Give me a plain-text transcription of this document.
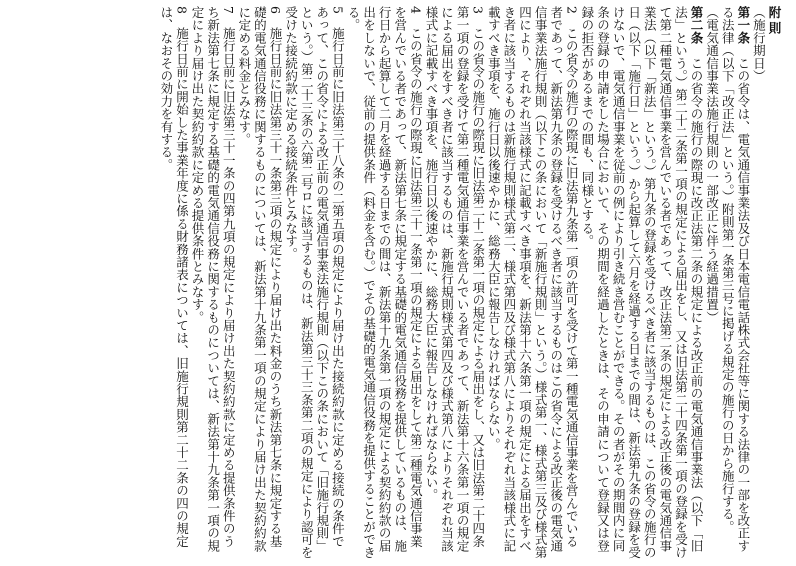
附則

（施行期日）

第一条　この省令は、電気通信事業法及び日本電信電話株式会社等に関する法律の一部を改正する法律（以下「改正法」という。）附則第一条第三号に掲げる規定の施行の日から施行する。

（電気通信事業法施行規則の一部改正に伴う経過措置）

第二条　この省令の施行の際現に改正法第二条の規定による改正前の電気通信事業法（以下「旧法」という。）第二十二条第一項の規定による届出をし、又は旧法第二十四条第一項の登録を受けて第二種電気通信事業を営んでいる者であって、改正法第二条の規定による改正後の電気通信事業法（以下「新法」という。）第九条の登録を受けるべき者に該当するものは、この省令の施行の日（以下「施行日」という。）から起算して六月を経過する日までの間は、新法第九条の登録を受けないで、電気通信事業を従前の例により引き続き営むことができる。その者がその期間内に同条の登録の申請をした場合において、その期間を経過したときは、その申請について登録又は登録の拒否があるまでの間も、同様とする。

2　この省令の施行の際現に旧法第九条第一項の許可を受けて第一種電気通信事業を営んでいる者であって、新法第九条の登録を受けるべき者に該当するものはこの省令による改正後の電気通信事業法施行規則（以下この条において「新施行規則」という。）様式第一、様式第三及び様式第四により、それぞれ当該様式に記載すべき事項を、新法第十六条第一項の規定による届出をすべき者に該当するものは新施行規則様式第二、様式第四及び様式第八によりそれぞれ当該様式に記載すべき事項を、施行日以後速やかに、総務大臣に報告しなければならない。

3　この省令の施行の際現に旧法第二十二条第一項の規定による届出をし、又は旧法第二十四条第一項の登録を受けて第二種電気通信事業を営んでいる者であって、新法第十六条第一項の規定による届出をすべき者に該当するものは、新施行規則様式第四及び様式第八によりそれぞれ当該様式に記載すべき事項を、施行日以後速やかに、総務大臣に報告しなければならない。

4　この省令の施行の際現に旧法第三十一条第一項の規定による届出をして第二種電気通信事業を営んでいる者であって、新法第七条に規定する基礎的電気通信役務を提供しているものは、施行日から起算して二月を経過する日までの間は、新法第十九条第一項の規定による契約約款の届出をしないで、従前の提供条件（料金を含む。）でその基礎的電気通信役務を提供することができる。

5　施行日前に旧法第三十八条の二第五項の規定により届け出た接続約款に定める接続の条件であって、この省令による改正前の電気通信事業法施行規則（以下この条において「旧施行規則」という。）第二十三条の六第二号ロに該当するものは、新法第三十三条第二項の規定により認可を受けた接続約款に定める接続条件とみなす。

6　施行日前に旧法第三十一条第三項の規定により届け出た料金のうち新法第七条に規定する基礎的電気通信役務に関するものについては、新法第十九条第一項の規定により届け出た契約約款に定める料金とみなす。

7　施行日前に旧法第三十一条の四第九項の規定により届け出た契約約款に定める提供条件のうち新法第七条に規定する基礎的電気通信役務に関するものについては、新法第十九条第一項の規定により届け出た契約約款に定める提供条件とみなす。

8　施行日前に開始した事業年度に係る財務諸表については、旧施行規則第二十二条の四の規定は、なおその効力を有する。
